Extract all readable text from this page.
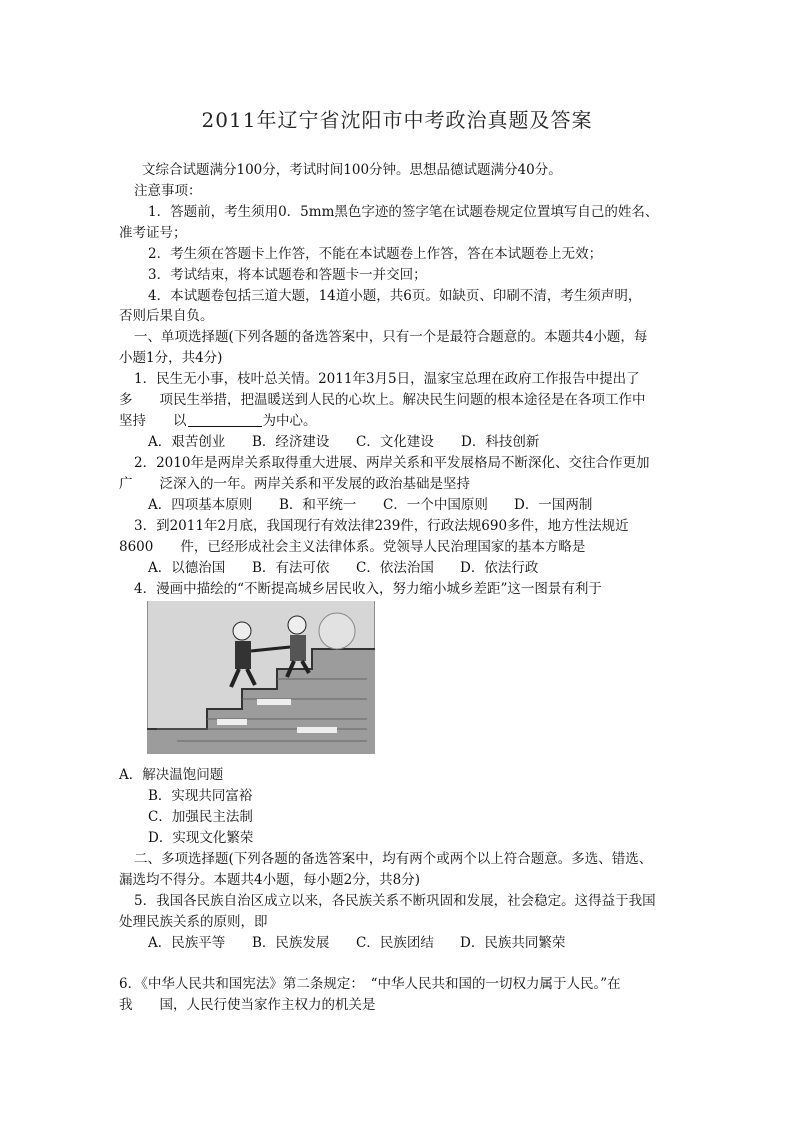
2011年辽宁省沈阳市中考政治真题及答案
文综合试题满分100分，考试时间100分钟。思想品德试题满分40分。
注意事项：
1．答题前，考生须用0．5mm黑色字迹的签字笔在试题卷规定位置填写自己的姓名、
准考证号；
2．考生须在答题卡上作答，不能在本试题卷上作答，答在本试题卷上无效；
3．考试结束，将本试题卷和答题卡一并交回；
4．本试题卷包括三道大题，14道小题，共6页。如缺页、印刷不清，考生须声明，
否则后果自负。
一、单项选择题(下列各题的备选答案中，只有一个是最符合题意的。本题共4小题，每
小题1分，共4分)
1．民生无小事，枝叶总关情。2011年3月5日，温家宝总理在政府工作报告中提出了
多　　项民生举措，把温暖送到人民的心坎上。解决民生问题的根本途径是在各项工作中
坚持　　以	为中心。
A．艰苦创业 B．经济建设 C．文化建设 D．科技创新
2．2010年是两岸关系取得重大进展、两岸关系和平发展格局不断深化、交往合作更加
广　　泛深入的一年。两岸关系和平发展的政治基础是坚持
A．四项基本原则 B．和平统一 C．一个中国原则 D．一国两制
3．到2011年2月底，我国现行有效法律239件，行政法规690多件，地方性法规近
8600　　件，已经形成社会主义法律体系。党领导人民治理国家的基本方略是
A．以德治国 B．有法可依 C．依法治国 D．依法行政
4．漫画中描绘的“不断提高城乡居民收入，努力缩小城乡差距”这一图景有利于
A．解决温饱问题
B．实现共同富裕
C．加强民主法制
D．实现文化繁荣
二、多项选择题(下列各题的备选答案中，均有两个或两个以上符合题意。多选、错选、
漏选均不得分。本题共4小题，每小题2分，共8分)
5．我国各民族自治区成立以来，各民族关系不断巩固和发展，社会稳定。这得益于我国
处理民族关系的原则，即
A．民族平等 B．民族发展 C．民族团结 D．民族共同繁荣
6．《中华人民共和国宪法》第二条规定：　“中华人民共和国的一切权力属于人民。”在
我　　国，人民行使当家作主权力的机关是
